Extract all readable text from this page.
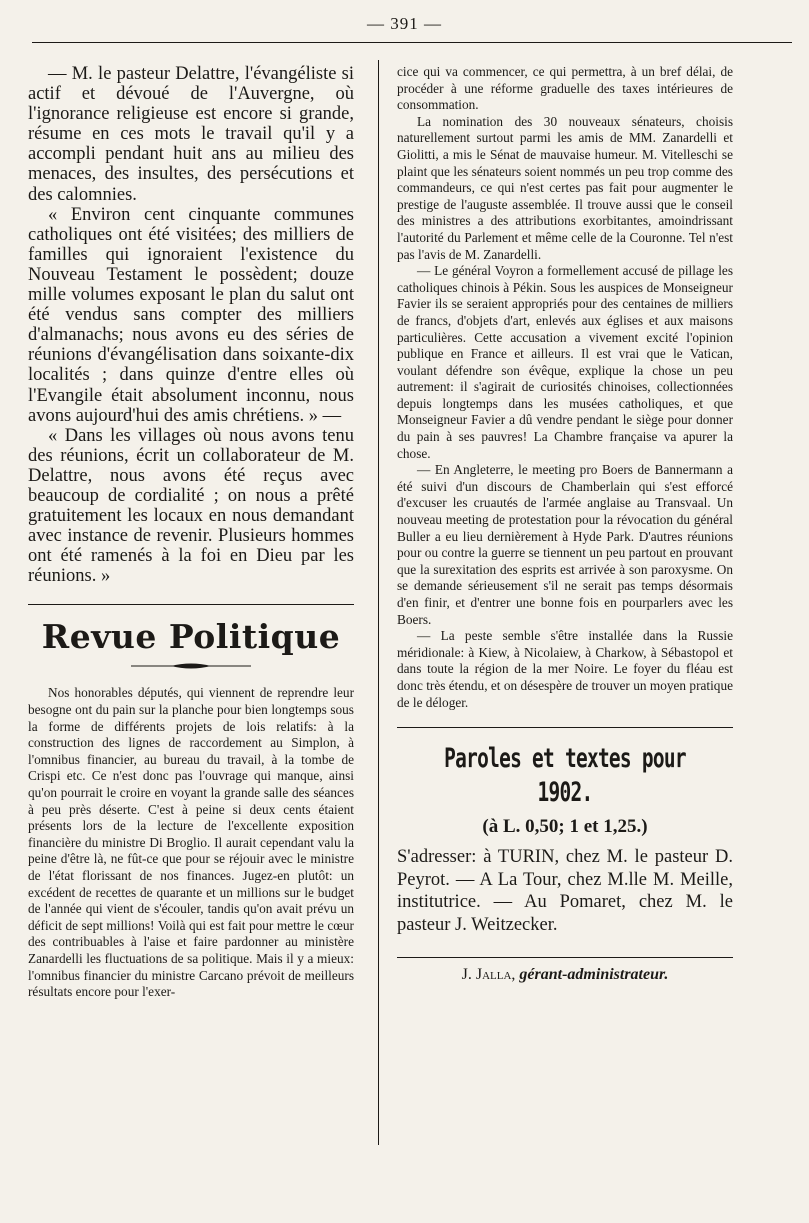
— 391 —

— M. le pasteur Delattre, l'évangéliste si actif et dévoué de l'Auvergne, où l'ignorance religieuse est encore si grande, résume en ces mots le travail qu'il y a accompli pendant huit ans au milieu des menaces, des insultes, des persécutions et des calomnies.

« Environ cent cinquante communes catholiques ont été visitées; des milliers de familles qui ignoraient l'existence du Nouveau Testament le possèdent; douze mille volumes exposant le plan du salut ont été vendus sans compter des milliers d'almanachs; nous avons eu des séries de réunions d'évangélisation dans soixante-dix localités ; dans quinze d'entre elles où l'Evangile était absolument inconnu, nous avons aujourd'hui des amis chrétiens. » —

« Dans les villages où nous avons tenu des réunions, écrit un collaborateur de M. Delattre, nous avons été reçus avec beaucoup de cordialité ; on nous a prêté gratuitement les locaux en nous demandant avec instance de revenir. Plusieurs hommes ont été ramenés à la foi en Dieu par les réunions. »

Revue Politique

Nos honorables députés, qui viennent de reprendre leur besogne ont du pain sur la planche pour bien longtemps sous la forme de différents projets de lois relatifs: à la construction des lignes de raccordement au Simplon, à l'omnibus financier, au bureau du travail, à la tombe de Crispi etc. Ce n'est donc pas l'ouvrage qui manque, ainsi qu'on pourrait le croire en voyant la grande salle des séances à peu près déserte. C'est à peine si deux cents étaient présents lors de la lecture de l'excellente exposition financière du ministre Di Broglio. Il aurait cependant valu la peine d'être là, ne fût-ce que pour se réjouir avec le ministre de l'état florissant de nos finances. Jugez-en plutôt: un excédent de recettes de quarante et un millions sur le budget de l'année qui vient de s'écouler, tandis qu'on avait prévu un déficit de sept millions! Voilà qui est fait pour mettre le cœur des contribuables à l'aise et faire pardonner au ministère Zanardelli les fluctuations de sa politique. Mais il y a mieux: l'omnibus financier du ministre Carcano prévoit de meilleurs résultats encore pour l'exer-

cice qui va commencer, ce qui permettra, à un bref délai, de procéder à une réforme graduelle des taxes intérieures de consommation.

La nomination des 30 nouveaux sénateurs, choisis naturellement surtout parmi les amis de MM. Zanardelli et Giolitti, a mis le Sénat de mauvaise humeur. M. Vitelleschi se plaint que les sénateurs soient nommés un peu trop comme des commandeurs, ce qui n'est certes pas fait pour augmenter le prestige de l'auguste assemblée. Il trouve aussi que le conseil des ministres a des attributions exorbitantes, amoindrissant l'autorité du Parlement et même celle de la Couronne. Tel n'est pas l'avis de M. Zanardelli.

— Le général Voyron a formellement accusé de pillage les catholiques chinois à Pékin. Sous les auspices de Monseigneur Favier ils se seraient appropriés pour des centaines de milliers de francs, d'objets d'art, enlevés aux églises et aux maisons particulières. Cette accusation a vivement excité l'opinion publique en France et ailleurs. Il est vrai que le Vatican, voulant défendre son évêque, explique la chose un peu autrement: il s'agirait de curiosités chinoises, collectionnées depuis longtemps dans les musées catholiques, et que Monseigneur Favier a dû vendre pendant le siège pour donner du pain à ses pauvres! La Chambre française va apurer la chose.

— En Angleterre, le meeting pro Boers de Bannermann a été suivi d'un discours de Chamberlain qui s'est efforcé d'excuser les cruautés de l'armée anglaise au Transvaal. Un nouveau meeting de protestation pour la révocation du général Buller a eu lieu dernièrement à Hyde Park. D'autres réunions pour ou contre la guerre se tiennent un peu partout en prouvant que la surexitation des esprits est arrivée à son paroxysme. On se demande sérieusement s'il ne serait pas temps désormais d'en finir, et d'entrer une bonne fois en pourparlers avec les Boers.

— La peste semble s'être installée dans la Russie méridionale: à Kiew, à Nicolaiew, à Charkow, à Sébastopol et dans toute la région de la mer Noire. Le foyer du fléau est donc très étendu, et on désespère de trouver un moyen pratique de le déloger.

Paroles et textes pour 1902.
(à L. 0,50; 1 et 1,25.)

S'adresser: à TURIN, chez M. le pasteur D. Peyrot. — A La Tour, chez M.lle M. Meille, institutrice. — Au Pomaret, chez M. le pasteur J. Weitzecker.

J. Jalla, gérant-administrateur.
